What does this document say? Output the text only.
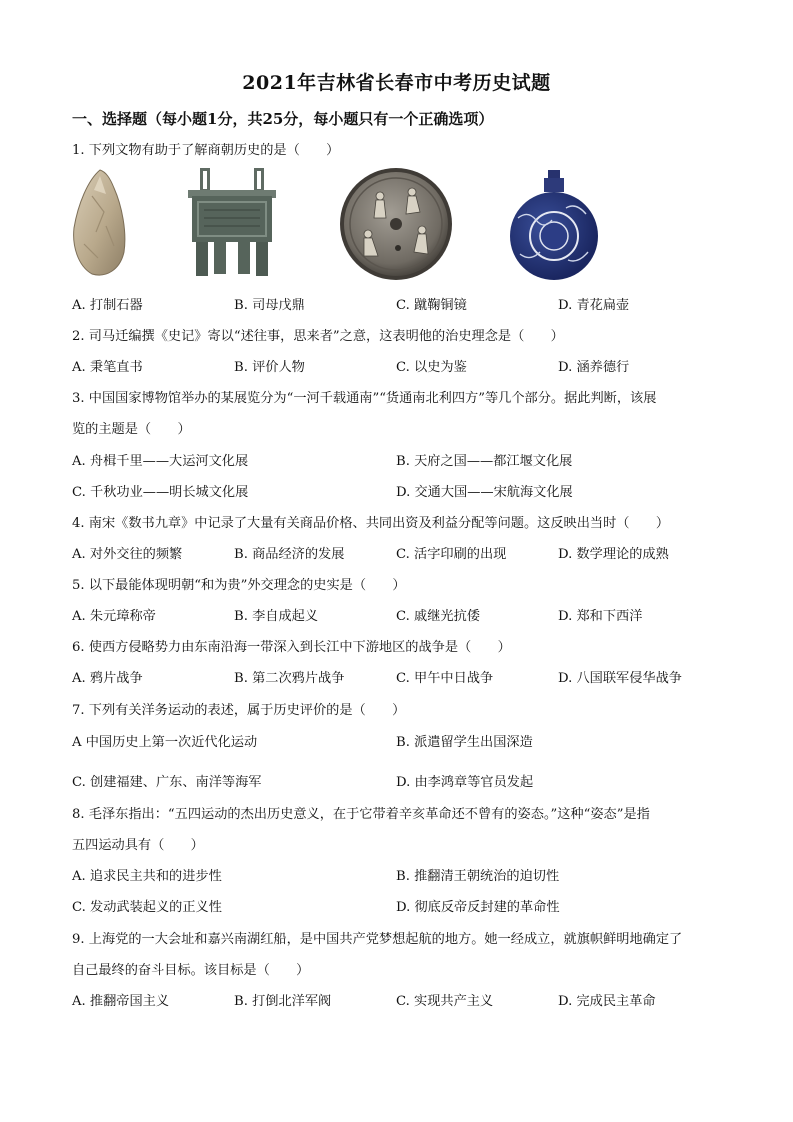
2021年吉林省长春市中考历史试题
一、选择题（每小题1分，共25分，每小题只有一个正确选项）
1. 下列文物有助于了解商朝历史的是（　　）
A. 打制石器	B. 司母戊鼎	C. 蹴鞠铜镜	D. 青花扁壶
2. 司马迁编撰《史记》寄以“述往事，思来者”之意，这表明他的治史理念是（　　）
A. 秉笔直书	B. 评价人物	C. 以史为鉴	D. 涵养德行
3. 中国国家博物馆举办的某展览分为“一河千载通南”“货通南北利四方”等几个部分。据此判断，该展
览的主题是（　　）
A. 舟楫千里——大运河文化展	B. 天府之国——都江堰文化展
C. 千秋功业——明长城文化展	D. 交通大国——宋航海文化展
4. 南宋《数书九章》中记录了大量有关商品价格、共同出资及利益分配等问题。这反映出当时（　　）
A. 对外交往的频繁	B. 商品经济的发展	C. 活字印刷的出现	D. 数学理论的成熟
5. 以下最能体现明朝“和为贵”外交理念的史实是（　　）
A. 朱元璋称帝	B. 李自成起义	C. 戚继光抗倭	D. 郑和下西洋
6. 使西方侵略势力由东南沿海一带深入到长江中下游地区的战争是（　　）
A. 鸦片战争	B. 第二次鸦片战争	C. 甲午中日战争	D. 八国联军侵华战争
7. 下列有关洋务运动的表述，属于历史评价的是（　　）
A 中国历史上第一次近代化运动	B. 派遣留学生出国深造
C. 创建福建、广东、南洋等海军	D. 由李鸿章等官员发起
8. 毛泽东指出：“五四运动的杰出历史意义，在于它带着辛亥革命还不曾有的姿态。”这种“姿态”是指
五四运动具有（　　）
A. 追求民主共和的进步性	B. 推翻清王朝统治的迫切性
C. 发动武装起义的正义性	D. 彻底反帝反封建的革命性
9. 上海党的一大会址和嘉兴南湖红船，是中国共产党梦想起航的地方。她一经成立，就旗帜鲜明地确定了
自己最终的奋斗目标。该目标是（　　）
A. 推翻帝国主义	B. 打倒北洋军阀	C. 实现共产主义	D. 完成民主革命
